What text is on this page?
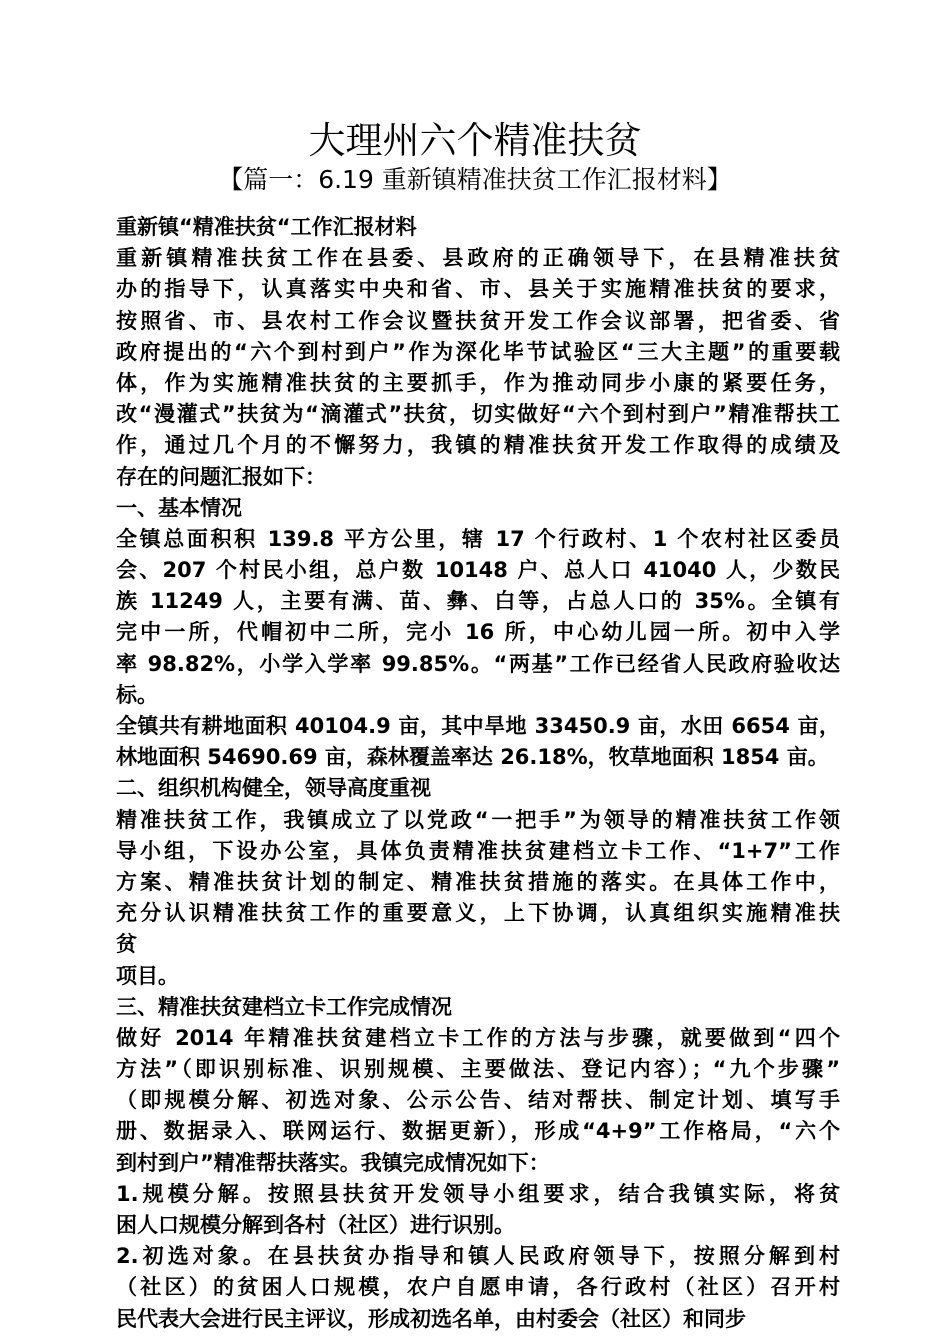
大理州六个精准扶贫
【篇一：6.19 重新镇精准扶贫工作汇报材料】
重新镇“精准扶贫“工作汇报材料
重新镇精准扶贫工作在县委、县政府的正确领导下，在县精准扶贫
办的指导下，认真落实中央和省、市、县关于实施精准扶贫的要求，
按照省、市、县农村工作会议暨扶贫开发工作会议部署，把省委、省
政府提出的“六个到村到户”作为深化毕节试验区“三大主题”的重要载
体，作为实施精准扶贫的主要抓手，作为推动同步小康的紧要任务，
改“漫灌式”扶贫为“滴灌式”扶贫，切实做好“六个到村到户”精准帮扶工
作，通过几个月的不懈努力，我镇的精准扶贫开发工作取得的成绩及
存在的问题汇报如下：
一、基本情况
全镇总面积积 139.8 平方公里，辖 17 个行政村、1 个农村社区委员
会、207 个村民小组，总户数 10148 户、总人口 41040 人，少数民
族 11249 人，主要有满、苗、彝、白等，占总人口的 35%。全镇有
完中一所，代帽初中二所，完小 16 所，中心幼儿园一所。初中入学
率 98.82%，小学入学率 99.85%。“两基”工作已经省人民政府验收达
标。
全镇共有耕地面积 40104.9 亩，其中旱地 33450.9 亩，水田 6654 亩，
林地面积 54690.69 亩，森林覆盖率达 26.18%，牧草地面积 1854 亩。
二、组织机构健全，领导高度重视
精准扶贫工作，我镇成立了以党政“一把手”为领导的精准扶贫工作领
导小组，下设办公室，具体负责精准扶贫建档立卡工作、“1+7”工作
方案、精准扶贫计划的制定、精准扶贫措施的落实。在具体工作中，
充分认识精准扶贫工作的重要意义，上下协调，认真组织实施精准扶
贫
项目。
三、精准扶贫建档立卡工作完成情况
做好 2014 年精准扶贫建档立卡工作的方法与步骤，就要做到“四个
方法”（即识别标准、识别规模、主要做法、登记内容）；“九个步骤”
（即规模分解、初选对象、公示公告、结对帮扶、制定计划、填写手
册、数据录入、联网运行、数据更新），形成“4+9”工作格局，“六个
到村到户”精准帮扶落实。我镇完成情况如下：
1.规模分解。按照县扶贫开发领导小组要求，结合我镇实际，将贫
困人口规模分解到各村（社区）进行识别。
2.初选对象。在县扶贫办指导和镇人民政府领导下，按照分解到村
（社区）的贫困人口规模，农户自愿申请，各行政村（社区）召开村
民代表大会进行民主评议，形成初选名单，由村委会（社区）和同步
